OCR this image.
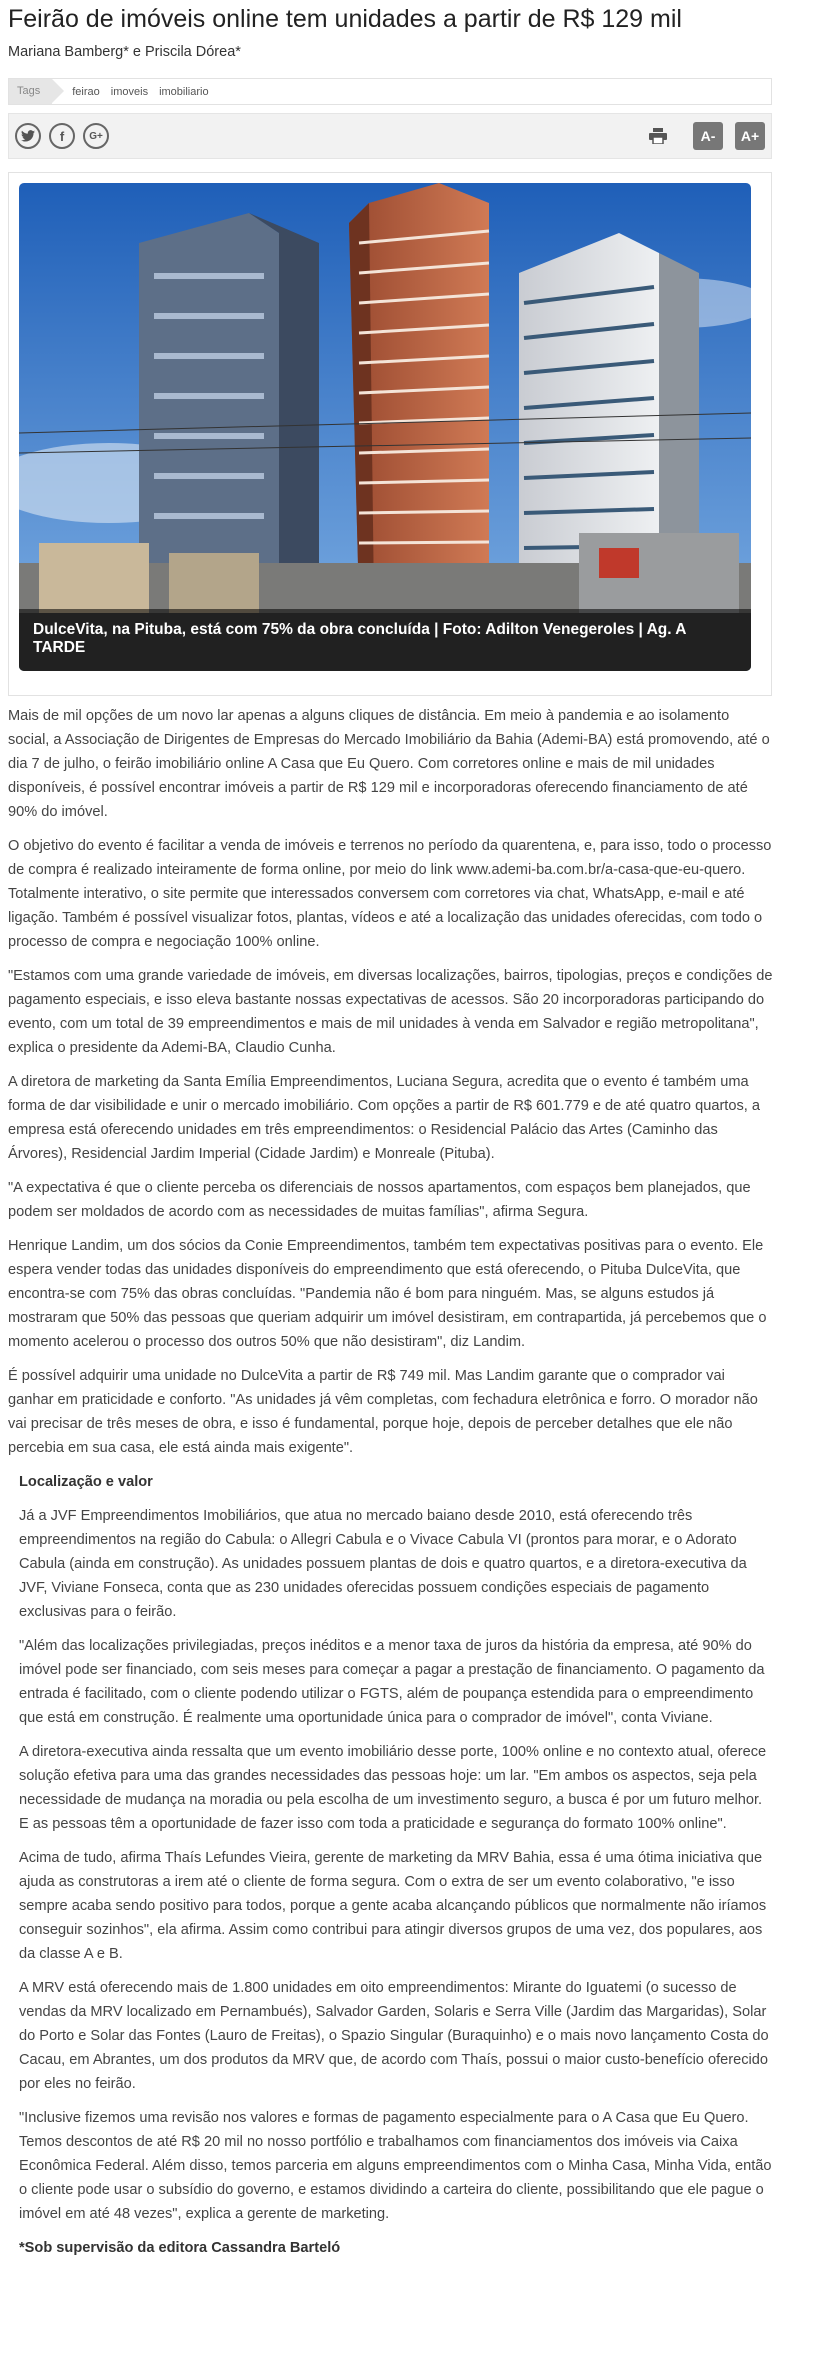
Feirão de imóveis online tem unidades a partir de R$ 129 mil
Mariana Bamberg* e Priscila Dórea*
Tags	feirao imoveis imobiliario
f	G+	A-	A+
DulceVita, na Pituba, está com 75% da obra concluída | Foto: Adilton Venegeroles | Ag. A TARDE

Mais de mil opções de um novo lar apenas a alguns cliques de distância. Em meio à pandemia e ao isolamento social, a Associação de Dirigentes de Empresas do Mercado Imobiliário da Bahia (Ademi-BA) está promovendo, até o dia 7 de julho, o feirão imobiliário online A Casa que Eu Quero. Com corretores online e mais de mil unidades disponíveis, é possível encontrar imóveis a partir de R$ 129 mil e incorporadoras oferecendo financiamento de até 90% do imóvel.

O objetivo do evento é facilitar a venda de imóveis e terrenos no período da quarentena, e, para isso, todo o processo de compra é realizado inteiramente de forma online, por meio do link www.ademi-ba.com.br/a-casa-que-eu-quero. Totalmente interativo, o site permite que interessados conversem com corretores via chat, WhatsApp, e-mail e até ligação. Também é possível visualizar fotos, plantas, vídeos e até a localização das unidades oferecidas, com todo o processo de compra e negociação 100% online.

"Estamos com uma grande variedade de imóveis, em diversas localizações, bairros, tipologias, preços e condições de pagamento especiais, e isso eleva bastante nossas expectativas de acessos. São 20 incorporadoras participando do evento, com um total de 39 empreendimentos e mais de mil unidades à venda em Salvador e região metropolitana", explica o presidente da Ademi-BA, Claudio Cunha.

A diretora de marketing da Santa Emília Empreendimentos, Luciana Segura, acredita que o evento é também uma forma de dar visibilidade e unir o mercado imobiliário. Com opções a partir de R$ 601.779 e de até quatro quartos, a empresa está oferecendo unidades em três empreendimentos: o Residencial Palácio das Artes (Caminho das Árvores), Residencial Jardim Imperial (Cidade Jardim) e Monreale (Pituba).

"A expectativa é que o cliente perceba os diferenciais de nossos apartamentos, com espaços bem planejados, que podem ser moldados de acordo com as necessidades de muitas famílias", afirma Segura.

Henrique Landim, um dos sócios da Conie Empreendimentos, também tem expectativas positivas para o evento. Ele espera vender todas das unidades disponíveis do empreendimento que está oferecendo, o Pituba DulceVita, que encontra-se com 75% das obras concluídas. "Pandemia não é bom para ninguém. Mas, se alguns estudos já mostraram que 50% das pessoas que queriam adquirir um imóvel desistiram, em contrapartida, já percebemos que o momento acelerou o processo dos outros 50% que não desistiram", diz Landim.

É possível adquirir uma unidade no DulceVita a partir de R$ 749 mil. Mas Landim garante que o comprador vai ganhar em praticidade e conforto. "As unidades já vêm completas, com fechadura eletrônica e forro. O morador não vai precisar de três meses de obra, e isso é fundamental, porque hoje, depois de perceber detalhes que ele não percebia em sua casa, ele está ainda mais exigente".

Localização e valor

Já a JVF Empreendimentos Imobiliários, que atua no mercado baiano desde 2010, está oferecendo três empreendimentos na região do Cabula: o Allegri Cabula e o Vivace Cabula VI (prontos para morar, e o Adorato Cabula (ainda em construção). As unidades possuem plantas de dois e quatro quartos, e a diretora-executiva da JVF, Viviane Fonseca, conta que as 230 unidades oferecidas possuem condições especiais de pagamento exclusivas para o feirão.

"Além das localizações privilegiadas, preços inéditos e a menor taxa de juros da história da empresa, até 90% do imóvel pode ser financiado, com seis meses para começar a pagar a prestação de financiamento. O pagamento da entrada é facilitado, com o cliente podendo utilizar o FGTS, além de poupança estendida para o empreendimento que está em construção. É realmente uma oportunidade única para o comprador de imóvel", conta Viviane.

A diretora-executiva ainda ressalta que um evento imobiliário desse porte, 100% online e no contexto atual, oferece solução efetiva para uma das grandes necessidades das pessoas hoje: um lar. "Em ambos os aspectos, seja pela necessidade de mudança na moradia ou pela escolha de um investimento seguro, a busca é por um futuro melhor. E as pessoas têm a oportunidade de fazer isso com toda a praticidade e segurança do formato 100% online".

Acima de tudo, afirma Thaís Lefundes Vieira, gerente de marketing da MRV Bahia, essa é uma ótima iniciativa que ajuda as construtoras a irem até o cliente de forma segura. Com o extra de ser um evento colaborativo, "e isso sempre acaba sendo positivo para todos, porque a gente acaba alcançando públicos que normalmente não iríamos conseguir sozinhos", ela afirma. Assim como contribui para atingir diversos grupos de uma vez, dos populares, aos da classe A e B.

A MRV está oferecendo mais de 1.800 unidades em oito empreendimentos: Mirante do Iguatemi (o sucesso de vendas da MRV localizado em Pernambués), Salvador Garden, Solaris e Serra Ville (Jardim das Margaridas), Solar do Porto e Solar das Fontes (Lauro de Freitas), o Spazio Singular (Buraquinho) e o mais novo lançamento Costa do Cacau, em Abrantes, um dos produtos da MRV que, de acordo com Thaís, possui o maior custo-benefício oferecido por eles no feirão.

"Inclusive fizemos uma revisão nos valores e formas de pagamento especialmente para o A Casa que Eu Quero. Temos descontos de até R$ 20 mil no nosso portfólio e trabalhamos com financiamentos dos imóveis via Caixa Econômica Federal. Além disso, temos parceria em alguns empreendimentos com o Minha Casa, Minha Vida, então o cliente pode usar o subsídio do governo, e estamos dividindo a carteira do cliente, possibilitando que ele pague o imóvel em até 48 vezes", explica a gerente de marketing.

*Sob supervisão da editora Cassandra Barteló
